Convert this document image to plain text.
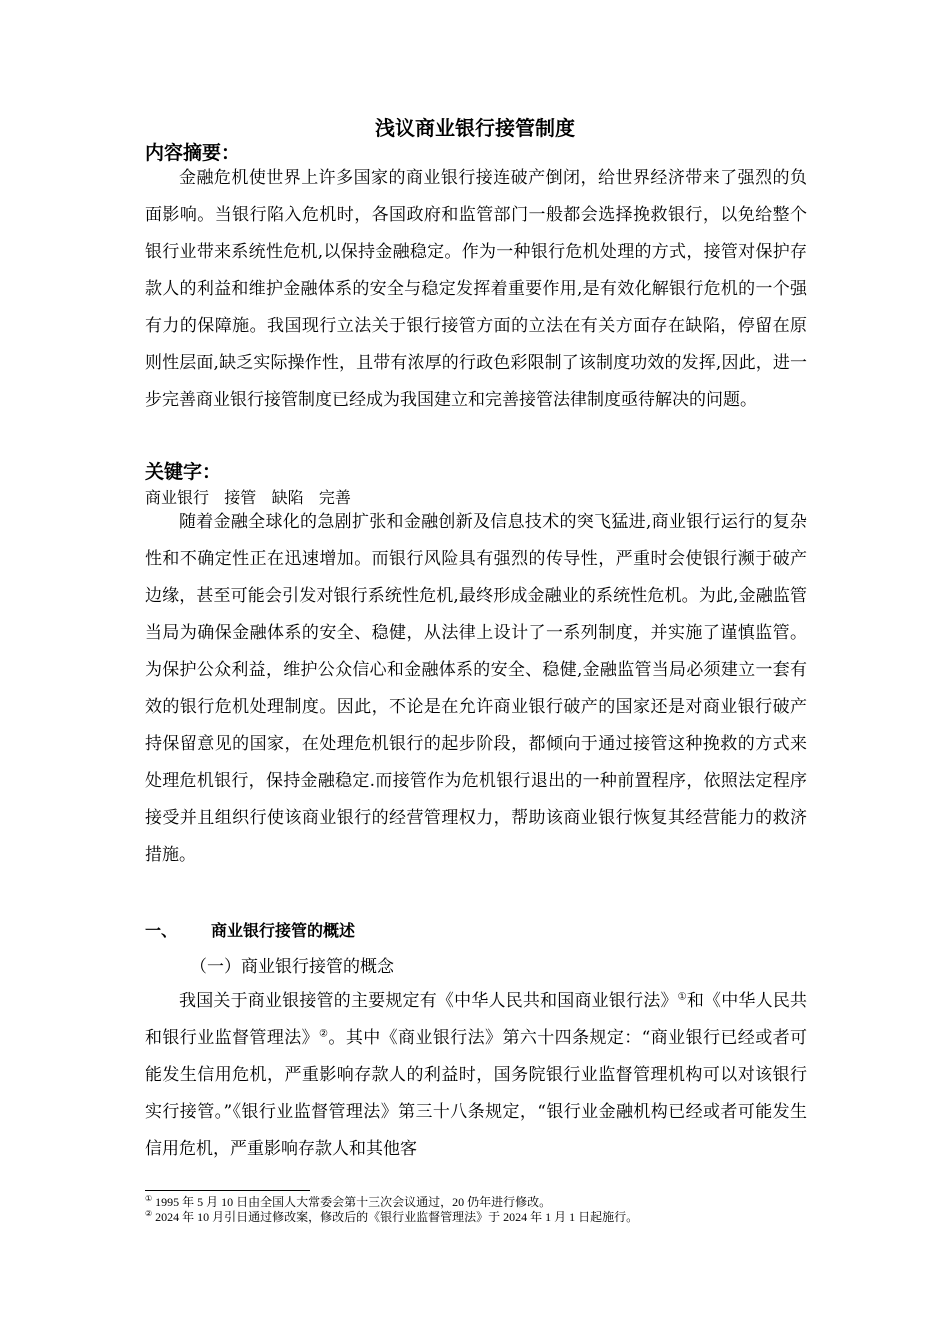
浅议商业银行接管制度
内容摘要：

金融危机使世界上许多国家的商业银行接连破产倒闭，给世界经济带来了强烈的负面影响。当银行陷入危机时，各国政府和监管部门一般都会选择挽救银行，以免给整个银行业带来系统性危机,以保持金融稳定。作为一种银行危机处理的方式，接管对保护存款人的利益和维护金融体系的安全与稳定发挥着重要作用,是有效化解银行危机的一个强有力的保障施。我国现行立法关于银行接管方面的立法在有关方面存在缺陷，停留在原则性层面,缺乏实际操作性，且带有浓厚的行政色彩限制了该制度功效的发挥,因此，进一步完善商业银行接管制度已经成为我国建立和完善接管法律制度亟待解决的问题。

关键字：
商业银行 接管 缺陷 完善

随着金融全球化的急剧扩张和金融创新及信息技术的突飞猛进,商业银行运行的复杂性和不确定性正在迅速增加。而银行风险具有强烈的传导性，严重时会使银行濒于破产边缘，甚至可能会引发对银行系统性危机,最终形成金融业的系统性危机。为此,金融监管当局为确保金融体系的安全、稳健，从法律上设计了一系列制度，并实施了谨慎监管。为保护公众利益，维护公众信心和金融体系的安全、稳健,金融监管当局必须建立一套有效的银行危机处理制度。因此，不论是在允许商业银行破产的国家还是对商业银行破产持保留意见的国家，在处理危机银行的起步阶段，都倾向于通过接管这种挽救的方式来处理危机银行，保持金融稳定.而接管作为危机银行退出的一种前置程序，依照法定程序接受并且组织行使该商业银行的经营管理权力，帮助该商业银行恢复其经营能力的救济措施。

一、 商业银行接管的概述
（一）商业银行接管的概念

我国关于商业银接管的主要规定有《中华人民共和国商业银行法》①和《中华人民共和银行业监督管理法》②。其中《商业银行法》第六十四条规定：“商业银行已经或者可能发生信用危机，严重影响存款人的利益时，国务院银行业监督管理机构可以对该银行实行接管。”《银行业监督管理法》第三十八条规定，“银行业金融机构已经或者可能发生信用危机，严重影响存款人和其他客

① 1995 年 5 月 10 日由全国人大常委会第十三次会议通过，20 仍年进行修改。
② 2024 年 10 月引日通过修改案，修改后的《银行业监督管理法》于 2024 年 1 月 1 日起施行。
